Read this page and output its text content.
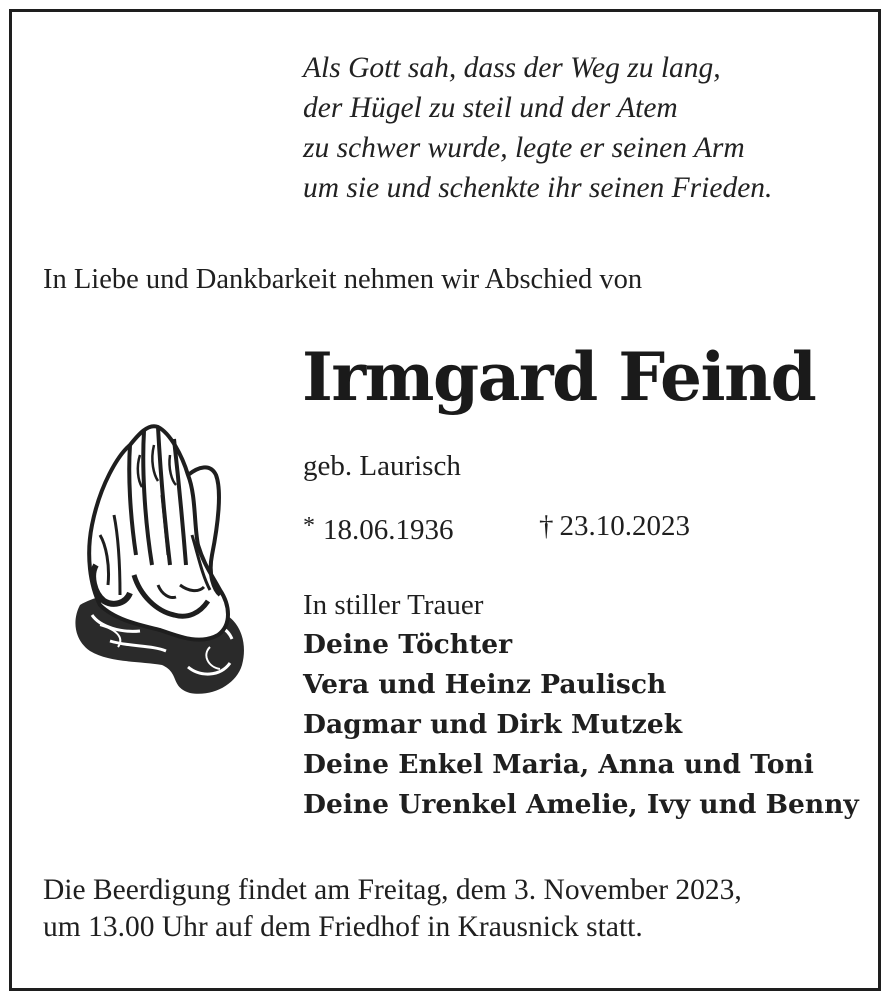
Als Gott sah, dass der Weg zu lang,
der Hügel zu steil und der Atem
zu schwer wurde, legte er seinen Arm
um sie und schenkte ihr seinen Frieden.
In Liebe und Dankbarkeit nehmen wir Abschied von
Irmgard Feind
geb. Laurisch
* 18.06.1936	† 23.10.2023
In stiller Trauer
Deine Töchter
Vera und Heinz Paulisch
Dagmar und Dirk Mutzek
Deine Enkel Maria, Anna und Toni
Deine Urenkel Amelie, Ivy und Benny
Die Beerdigung findet am Freitag, dem 3. November 2023,
um 13.00 Uhr auf dem Friedhof in Krausnick statt.
